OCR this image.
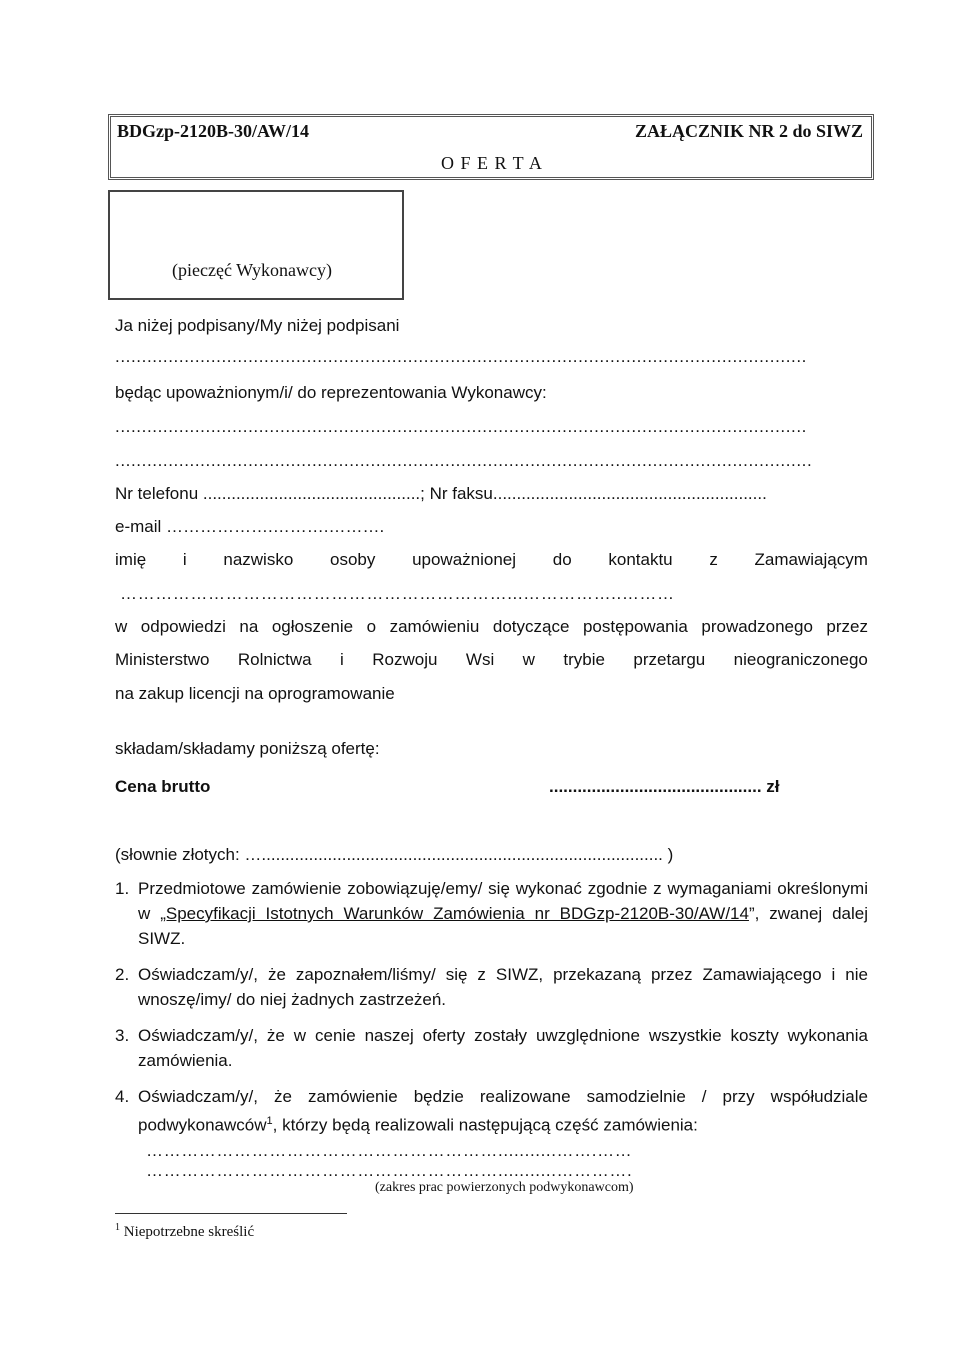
BDGzp-2120B-30/AW/14	ZAŁĄCZNIK NR 2 do SIWZ
O F E R T A
(pieczęć Wykonawcy)
Ja niżej podpisany/My niżej podpisani
..................................................................................................................................
będąc upoważnionym/i/ do reprezentowania Wykonawcy:
..................................................................................................................................
...................................................................................................................................
Nr telefonu ..............................................; Nr faksu..........................................................
e-mail ……………….……….……….
imię i nazwisko osoby upoważnionej do kontaktu z Zamawiającym
…………………………………………………………...……………..………
w odpowiedzi na ogłoszenie o zamówieniu dotyczące postępowania prowadzonego przez
Ministerstwo Rolnictwa i Rozwoju Wsi w trybie przetargu nieograniczonego
na zakup licencji na oprogramowanie
składam/składamy poniższą ofertę:
Cena brutto	............................................. zł
(słownie złotych: …..................................................................................... )
1. Przedmiotowe zamówienie zobowiązuję/emy/ się wykonać zgodnie z wymaganiami określonymi w „Specyfikacji Istotnych Warunków Zamówienia nr BDGzp-2120B-30/AW/14”, zwanej dalej SIWZ.
2. Oświadczam/y/, że zapoznałem/liśmy/ się z SIWZ, przekazaną przez Zamawiającego i nie wnoszę/imy/ do niej żadnych zastrzeżeń.
3. Oświadczam/y/, że w cenie naszej oferty zostały uwzględnione wszystkie koszty wykonania zamówienia.
4. Oświadczam/y/, że zamówienie będzie realizowane samodzielnie / przy współudziale podwykonawców$^1$, którzy będą realizowali następującą część zamówienia:
……………………………………………………...........…….……
……………………………………………………...........………….
(zakres prac powierzonych podwykonawcom)
$^1$ Niepotrzebne skreślić
